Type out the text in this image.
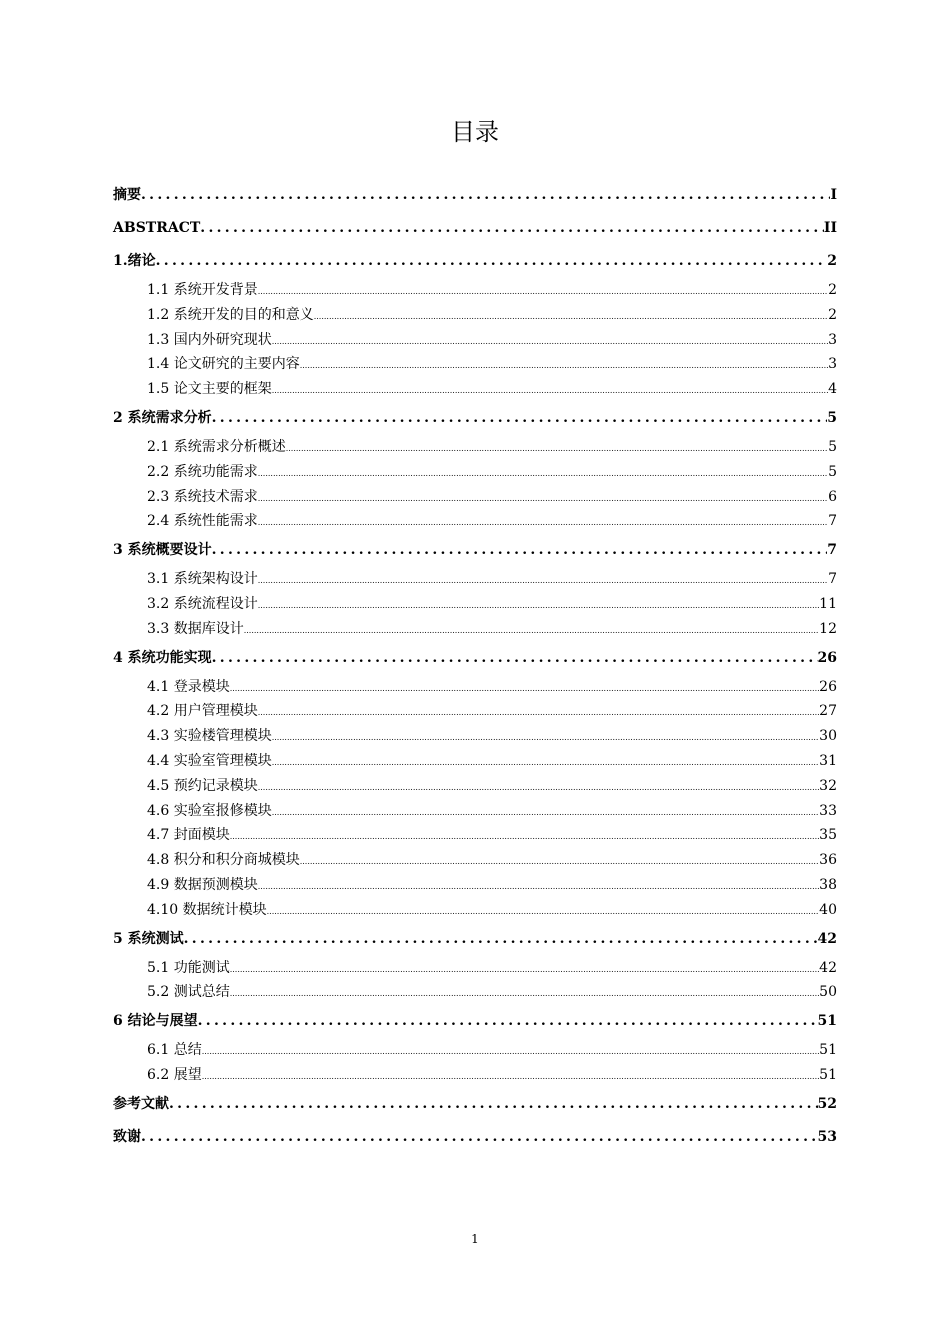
目录
摘要 .....	I
ABSTRACT .....	II
1.绪论 .....	2
1.1 系统开发背景 .....	2
1.2 系统开发的目的和意义 .....	2
1.3 国内外研究现状 .....	3
1.4 论文研究的主要内容 .....	3
1.5 论文主要的框架 .....	4
2 系统需求分析 .....	5
2.1 系统需求分析概述 .....	5
2.2 系统功能需求 .....	5
2.3 系统技术需求 .....	6
2.4 系统性能需求 .....	7
3 系统概要设计 .....	7
3.1 系统架构设计 .....	7
3.2 系统流程设计 .....	11
3.3 数据库设计 .....	12
4 系统功能实现 .....	26
4.1 登录模块 .....	26
4.2 用户管理模块 .....	27
4.3 实验楼管理模块 .....	30
4.4 实验室管理模块 .....	31
4.5 预约记录模块 .....	32
4.6 实验室报修模块 .....	33
4.7 封面模块 .....	35
4.8 积分和积分商城模块 .....	36
4.9 数据预测模块 .....	38
4.10 数据统计模块 .....	40
5 系统测试 .....	42
5.1 功能测试 .....	42
5.2 测试总结 .....	50
6 结论与展望 .....	51
6.1 总结 .....	51
6.2 展望 .....	51
参考文献 .....	52
致谢 .....	53
1
